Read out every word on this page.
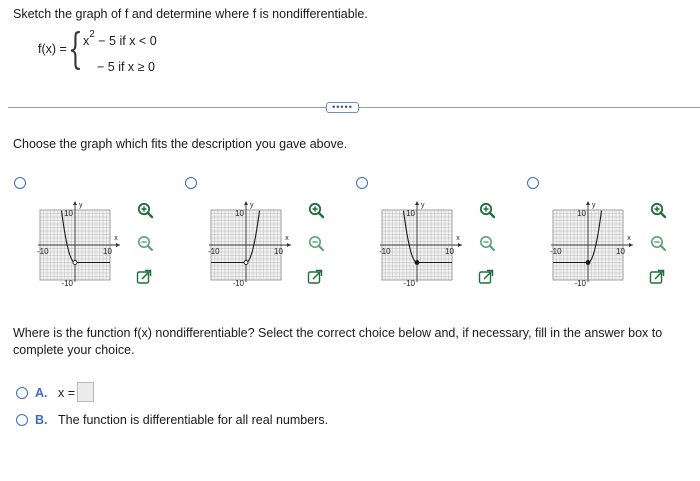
Sketch the graph of f and determine where f is nondifferentiable.
f(x) = { $x^2 - 5$ if x < 0
− 5 if x ≥ 0
•••••
Choose the graph which fits the description you gave above.
y
x
10
-10
-10	10
y
x
10
-10
-10	10
y
x
10
-10
-10	10
y
x
10
-10
-10	10
Where is the function f(x) nondifferentiable? Select the correct choice below and, if necessary, fill in the answer box to complete your choice.
A. x =
B. The function is differentiable for all real numbers.
